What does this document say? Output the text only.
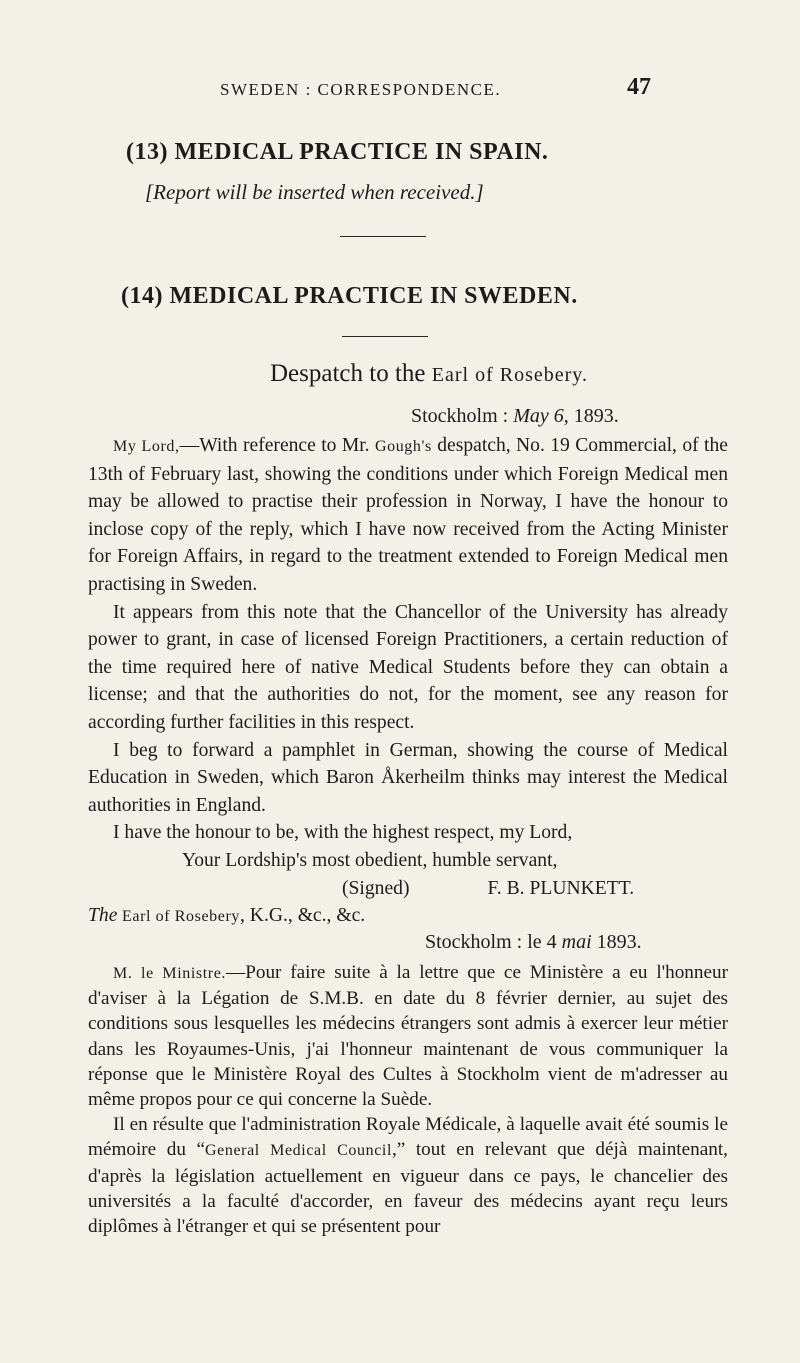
SWEDEN : CORRESPONDENCE.	47
(13) MEDICAL PRACTICE IN SPAIN.
[Report will be inserted when received.]
(14) MEDICAL PRACTICE IN SWEDEN.
Despatch to the Earl of Rosebery.
Stockholm : May 6, 1893.

My Lord,—With reference to Mr. Gough's despatch, No. 19 Commercial, of the 13th of February last, showing the conditions under which Foreign Medical men may be allowed to practise their profession in Norway, I have the honour to inclose copy of the reply, which I have now received from the Acting Minister for Foreign Affairs, in regard to the treatment extended to Foreign Medical men practising in Sweden.

It appears from this note that the Chancellor of the University has already power to grant, in case of licensed Foreign Practitioners, a certain reduction of the time required here of native Medical Students before they can obtain a license; and that the authorities do not, for the moment, see any reason for according further facilities in this respect.

I beg to forward a pamphlet in German, showing the course of Medical Education in Sweden, which Baron Åkerheilm thinks may interest the Medical authorities in England.

I have the honour to be, with the highest respect, my Lord,

Your Lordship's most obedient, humble servant,

(Signed)	F. B. PLUNKETT.

The Earl of Rosebery, K.G., &c., &c.

Stockholm : le 4 mai 1893.

M. le Ministre.—Pour faire suite à la lettre que ce Ministère a eu l'honneur d'aviser à la Légation de S.M.B. en date du 8 février dernier, au sujet des conditions sous lesquelles les médecins étrangers sont admis à exercer leur métier dans les Royaumes-Unis, j'ai l'honneur maintenant de vous communiquer la réponse que le Ministère Royal des Cultes à Stockholm vient de m'adresser au même propos pour ce qui concerne la Suède.

Il en résulte que l'administration Royale Médicale, à laquelle avait été soumis le mémoire du “General Medical Council,” tout en relevant que déjà maintenant, d'après la législation actuellement en vigueur dans ce pays, le chancelier des universités a la faculté d'accorder, en faveur des médecins ayant reçu leurs diplômes à l'étranger et qui se présentent pour
